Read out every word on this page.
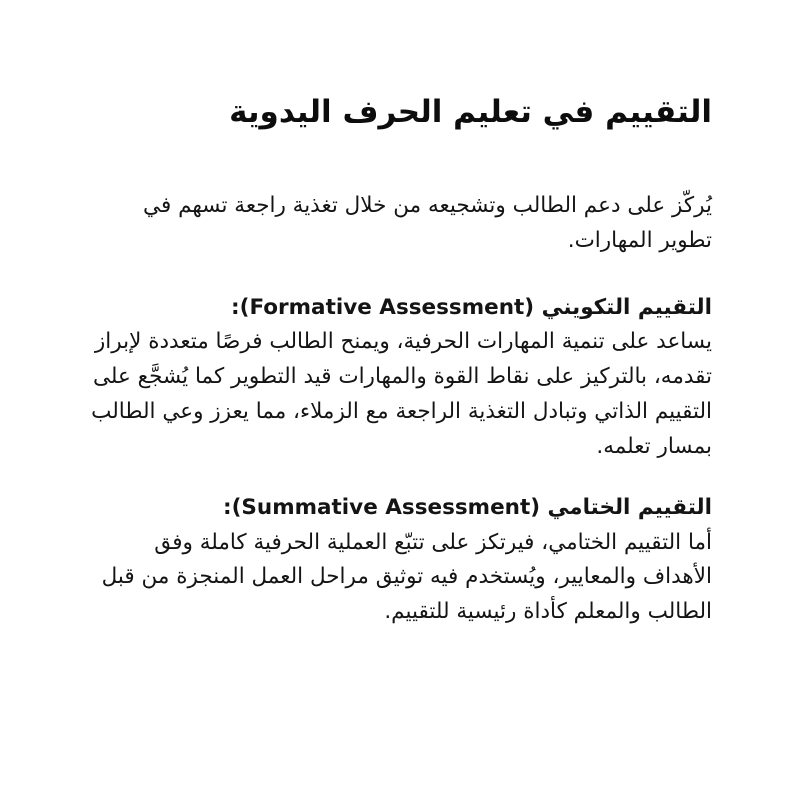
التقييم في تعليم الحرف اليدوية

يُركّز على دعم الطالب وتشجيعه من خلال تغذية راجعة تسهم في تطوير المهارات.

التقييم التكويني (Formative Assessment):

يساعد على تنمية المهارات الحرفية، ويمنح الطالب فرصًا متعددة لإبراز تقدمه، بالتركيز على نقاط القوة والمهارات قيد التطوير كما يُشجَّع على التقييم الذاتي وتبادل التغذية الراجعة مع الزملاء، مما يعزز وعي الطالب بمسار تعلمه.

التقييم الختامي (Summative Assessment):

أما التقييم الختامي، فيرتكز على تتبّع العملية الحرفية كاملة وفق الأهداف والمعايير، ويُستخدم فيه توثيق مراحل العمل المنجزة من قبل الطالب والمعلم كأداة رئيسية للتقييم.
